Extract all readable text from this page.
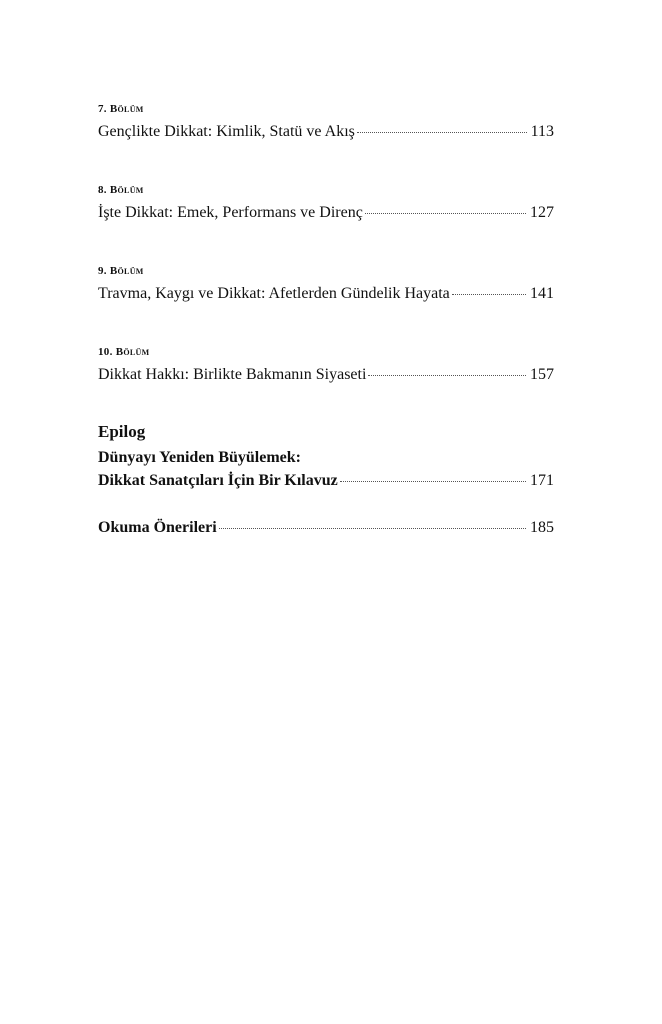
7. Bölüm
Gençlikte Dikkat: Kimlik, Statü ve Akış	113
8. Bölüm
İşte Dikkat: Emek, Performans ve Direnç	127
9. Bölüm
Travma, Kaygı ve Dikkat: Afetlerden Gündelik Hayata	141
10. Bölüm
Dikkat Hakkı: Birlikte Bakmanın Siyaseti	157
Epilog
Dünyayı Yeniden Büyülemek:
Dikkat Sanatçıları İçin Bir Kılavuz	171
Okuma Önerileri	185
